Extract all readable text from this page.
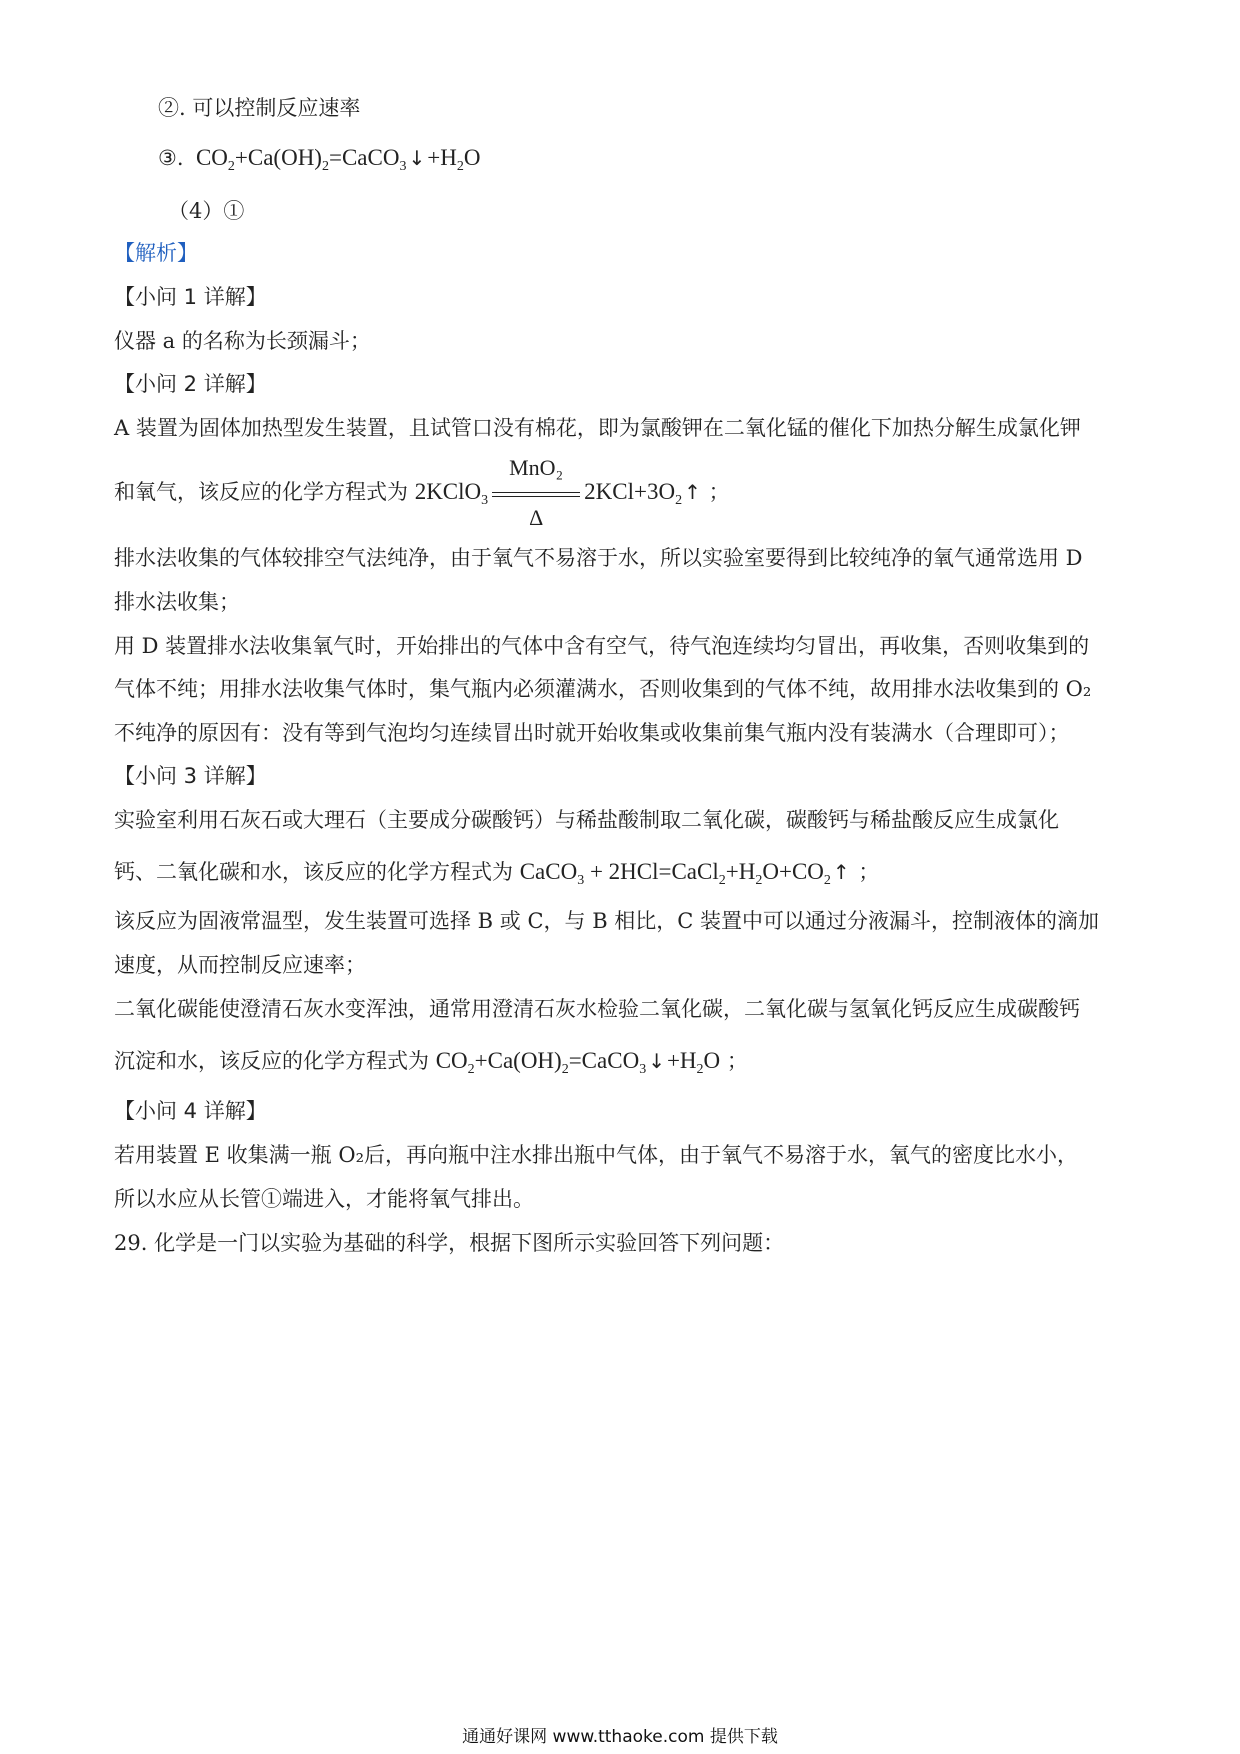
②. 可以控制反应速率
③.  $CO_2+Ca(OH)_2=CaCO_3$ $↓+H_2O$
（4）①
【解析】
【小问 1 详解】
仪器 a 的名称为长颈漏斗；
【小问 2 详解】
A 装置为固体加热型发生装置，且试管口没有棉花，即为氯酸钾在二氧化锰的催化下加热分解生成氯化钾
和氧气，该反应的化学方程式为 2KClO$_3$
MnO₂
Δ
$2KCl+3O_2$ ↑ ；
排水法收集的气体较排空气法纯净，由于氧气不易溶于水，所以实验室要得到比较纯净的氧气通常选用 D
排水法收集；
用 D 装置排水法收集氧气时，开始排出的气体中含有空气，待气泡连续均匀冒出，再收集，否则收集到的
气体不纯；用排水法收集气体时，集气瓶内必须灌满水，否则收集到的气体不纯，故用排水法收集到的 O₂
不纯净的原因有：没有等到气泡均匀连续冒出时就开始收集或收集前集气瓶内没有装满水（合理即可）；
【小问 3 详解】
实验室利用石灰石或大理石（主要成分碳酸钙）与稀盐酸制取二氧化碳，碳酸钙与稀盐酸反应生成氯化
钙、二氧化碳和水，该反应的化学方程式为 CaCO$_3$ + $2HCl=CaCl_2+H_2O+CO_2$ ↑ ；
该反应为固液常温型，发生装置可选择 B 或 C，与 B 相比，C 装置中可以通过分液漏斗，控制液体的滴加
速度，从而控制反应速率；
二氧化碳能使澄清石灰水变浑浊，通常用澄清石灰水检验二氧化碳，二氧化碳与氢氧化钙反应生成碳酸钙
沉淀和水，该反应的化学方程式为 $CO_2+Ca(OH)_2=CaCO_3$ $↓+H_2O$ ；
【小问 4 详解】
若用装置 E 收集满一瓶 O₂后，再向瓶中注水排出瓶中气体，由于氧气不易溶于水，氧气的密度比水小，
所以水应从长管①端进入，才能将氧气排出。
29. 化学是一门以实验为基础的科学，根据下图所示实验回答下列问题：
通通好课网 www.tthaoke.com 提供下载
